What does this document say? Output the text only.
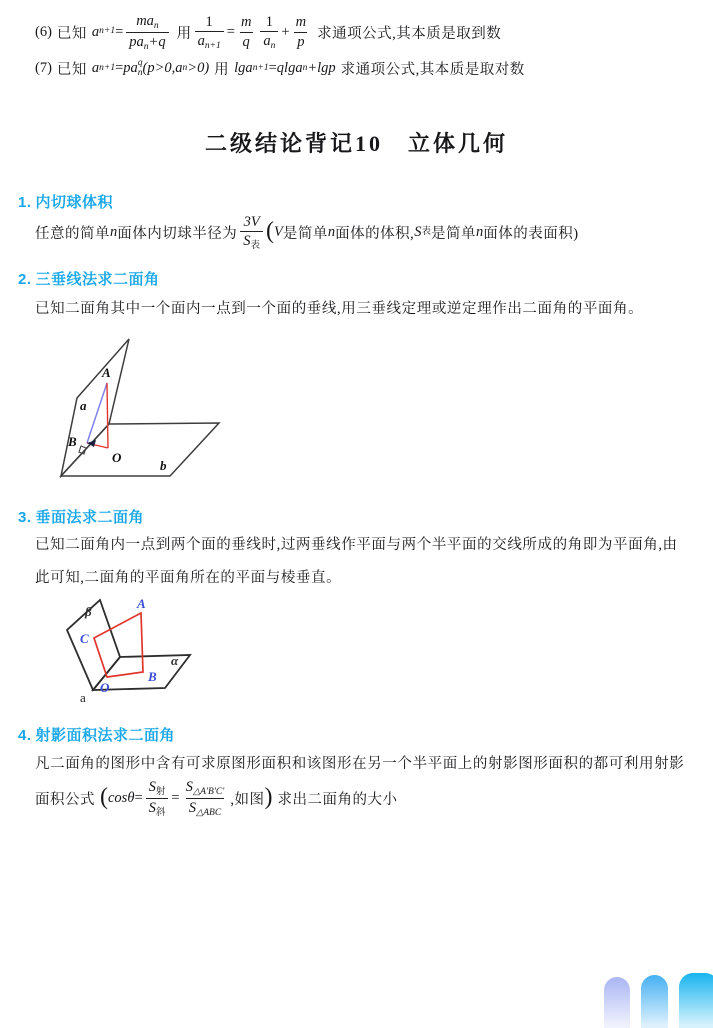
(6) 已知 a $n+1 = \frac{ma_n}{pa_n+q}$ 用 $\frac{1}{a_{n+1}} = \frac{m}{q} \frac{1}{a_n} + \frac{m}{p}$ 求通项公式,其本质是取到数
(7) 已知 a n+1 = pa q
n (p>0,a n >0) 用 lga n+1 = qlga n +lgp 求通项公式,其本质是取对数
二级结论背记10　立体几何
1. 内切球体积
任意的简单 n 面体内切球半径为 $\frac{3V}{S_表}$ ( V 是简单 n 面体的体积, S 表 是简单 n 面体的表面积)
2. 三垂线法求二面角
已知二面角其中一个面内一点到一个面的垂线,用三垂线定理或逆定理作出二面角的平面角。
A
a
B
O
b
3. 垂面法求二面角
已知二面角内一点到两个面的垂线时,过两垂线作平面与两个半平面的交线所成的角即为平面角,由
此可知,二面角的平面角所在的平面与棱垂直。
A
C
O
B
β
α
a
4. 射影面积法求二面角
凡二面角的图形中含有可求原图形面积和该图形在另一个半平面上的射影图形面积的都可利用射影
面积公式 ( $\cos\theta = \frac{S_射}{S_斜} = \frac{S_{\triangle A'B'C'}}{S_{\triangle ABC}}$ ,如图 ) 求出二面角的大小
